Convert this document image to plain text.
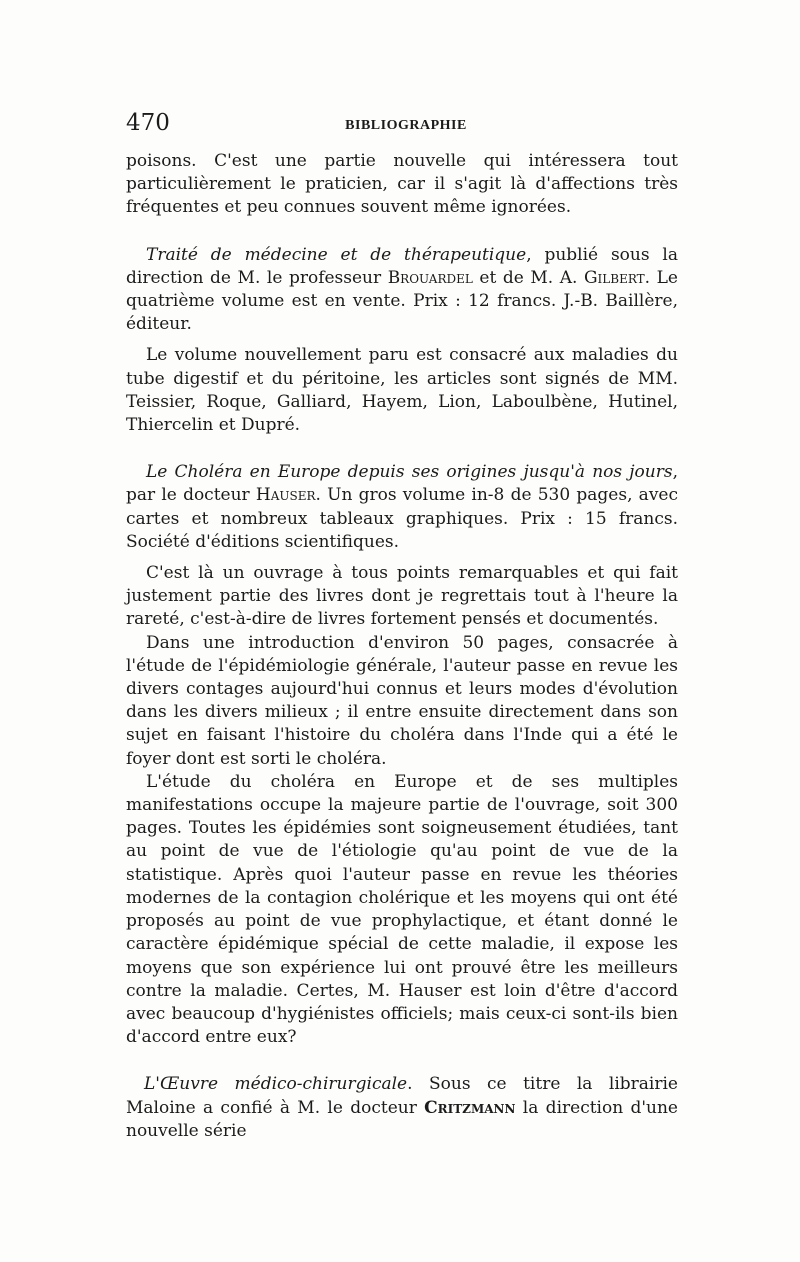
470	BIBLIOGRAPHIE

poisons. C'est une partie nouvelle qui intéressera tout particulièrement le praticien, car il s'agit là d'affections très fréquentes et peu connues souvent même ignorées.

Traité de médecine et de thérapeutique, publié sous la direction de M. le professeur Brouardel et de M. A. Gilbert. Le quatrième volume est en vente. Prix : 12 francs. J.-B. Baillère, éditeur.

Le volume nouvellement paru est consacré aux maladies du tube digestif et du péritoine, les articles sont signés de MM. Teissier, Roque, Galliard, Hayem, Lion, Laboulbène, Hutinel, Thiercelin et Dupré.

Le Choléra en Europe depuis ses origines jusqu'à nos jours, par le docteur Hauser. Un gros volume in-8 de 530 pages, avec cartes et nombreux tableaux graphiques. Prix : 15 francs. Société d'éditions scientifiques.

C'est là un ouvrage à tous points remarquables et qui fait justement partie des livres dont je regrettais tout à l'heure la rareté, c'est-à-dire de livres fortement pensés et documentés.

Dans une introduction d'environ 50 pages, consacrée à l'étude de l'épidémiologie générale, l'auteur passe en revue les divers contages aujourd'hui connus et leurs modes d'évolution dans les divers milieux ; il entre ensuite directement dans son sujet en faisant l'histoire du choléra dans l'Inde qui a été le foyer dont est sorti le choléra.

L'étude du choléra en Europe et de ses multiples manifestations occupe la majeure partie de l'ouvrage, soit 300 pages. Toutes les épidémies sont soigneusement étudiées, tant au point de vue de l'étiologie qu'au point de vue de la statistique. Après quoi l'auteur passe en revue les théories modernes de la contagion cholérique et les moyens qui ont été proposés au point de vue prophylactique, et étant donné le caractère épidémique spécial de cette maladie, il expose les moyens que son expérience lui ont prouvé être les meilleurs contre la maladie. Certes, M. Hauser est loin d'être d'accord avec beaucoup d'hygiénistes officiels; mais ceux-ci sont-ils bien d'accord entre eux?

L'Œuvre médico-chirurgicale. Sous ce titre la librairie Maloine a confié à M. le docteur Critzmann la direction d'une nouvelle série
